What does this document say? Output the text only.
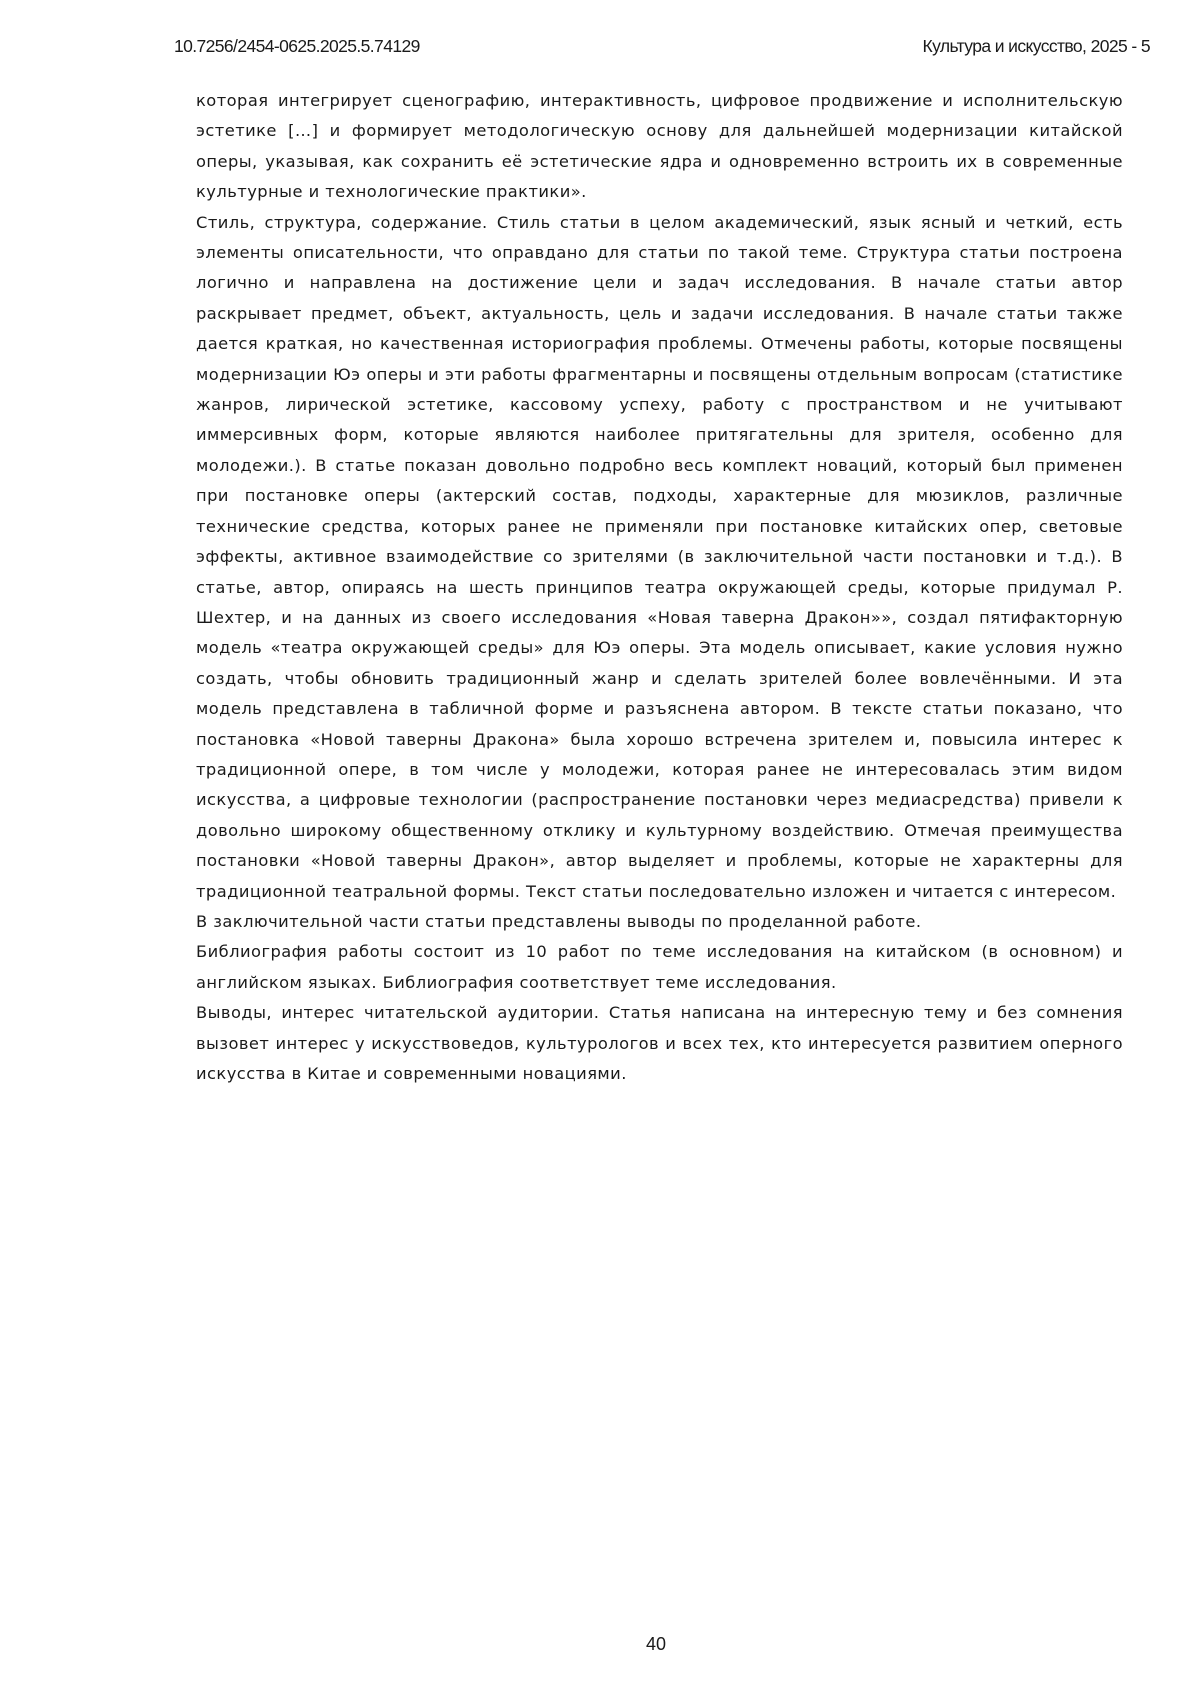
10.7256/2454-0625.2025.5.74129	Культура и искусство, 2025 - 5

которая интегрирует сценографию, интерактивность, цифровое продвижение и исполнительскую эстетике […] и формирует методологическую основу для дальнейшей модернизации китайской оперы, указывая, как сохранить её эстетические ядра и одновременно встроить их в современные культурные и технологические практики».

Стиль, структура, содержание. Стиль статьи в целом академический, язык ясный и четкий, есть элементы описательности, что оправдано для статьи по такой теме. Структура статьи построена логично и направлена на достижение цели и задач исследования. В начале статьи автор раскрывает предмет, объект, актуальность, цель и задачи исследования. В начале статьи также дается краткая, но качественная историография проблемы. Отмечены работы, которые посвящены модернизации Юэ оперы и эти работы фрагментарны и посвящены отдельным вопросам (статистике жанров, лирической эстетике, кассовому успеху, работу с пространством и не учитывают иммерсивных форм, которые являются наиболее притягательны для зрителя, особенно для молодежи.). В статье показан довольно подробно весь комплект новаций, который был применен при постановке оперы (актерский состав, подходы, характерные для мюзиклов, различные технические средства, которых ранее не применяли при постановке китайских опер, световые эффекты, активное взаимодействие со зрителями (в заключительной части постановки и т.д.). В статье, автор, опираясь на шесть принципов театра окружающей среды, которые придумал Р. Шехтер, и на данных из своего исследования «Новая таверна Дракон»», создал пятифакторную модель «театра окружающей среды» для Юэ оперы. Эта модель описывает, какие условия нужно создать, чтобы обновить традиционный жанр и сделать зрителей более вовлечёнными. И эта модель представлена в табличной форме и разъяснена автором. В тексте статьи показано, что постановка «Новой таверны Дракона» была хорошо встречена зрителем и, повысила интерес к традиционной опере, в том числе у молодежи, которая ранее не интересовалась этим видом искусства, а цифровые технологии (распространение постановки через медиасредства) привели к довольно широкому общественному отклику и культурному воздействию. Отмечая преимущества постановки «Новой таверны Дракон», автор выделяет и проблемы, которые не характерны для традиционной театральной формы. Текст статьи последовательно изложен и читается с интересом.

В заключительной части статьи представлены выводы по проделанной работе.

Библиография работы состоит из 10 работ по теме исследования на китайском (в основном) и английском языках. Библиография соответствует теме исследования.

Выводы, интерес читательской аудитории. Статья написана на интересную тему и без сомнения вызовет интерес у искусствоведов, культурологов и всех тех, кто интересуется развитием оперного искусства в Китае и современными новациями.

40
